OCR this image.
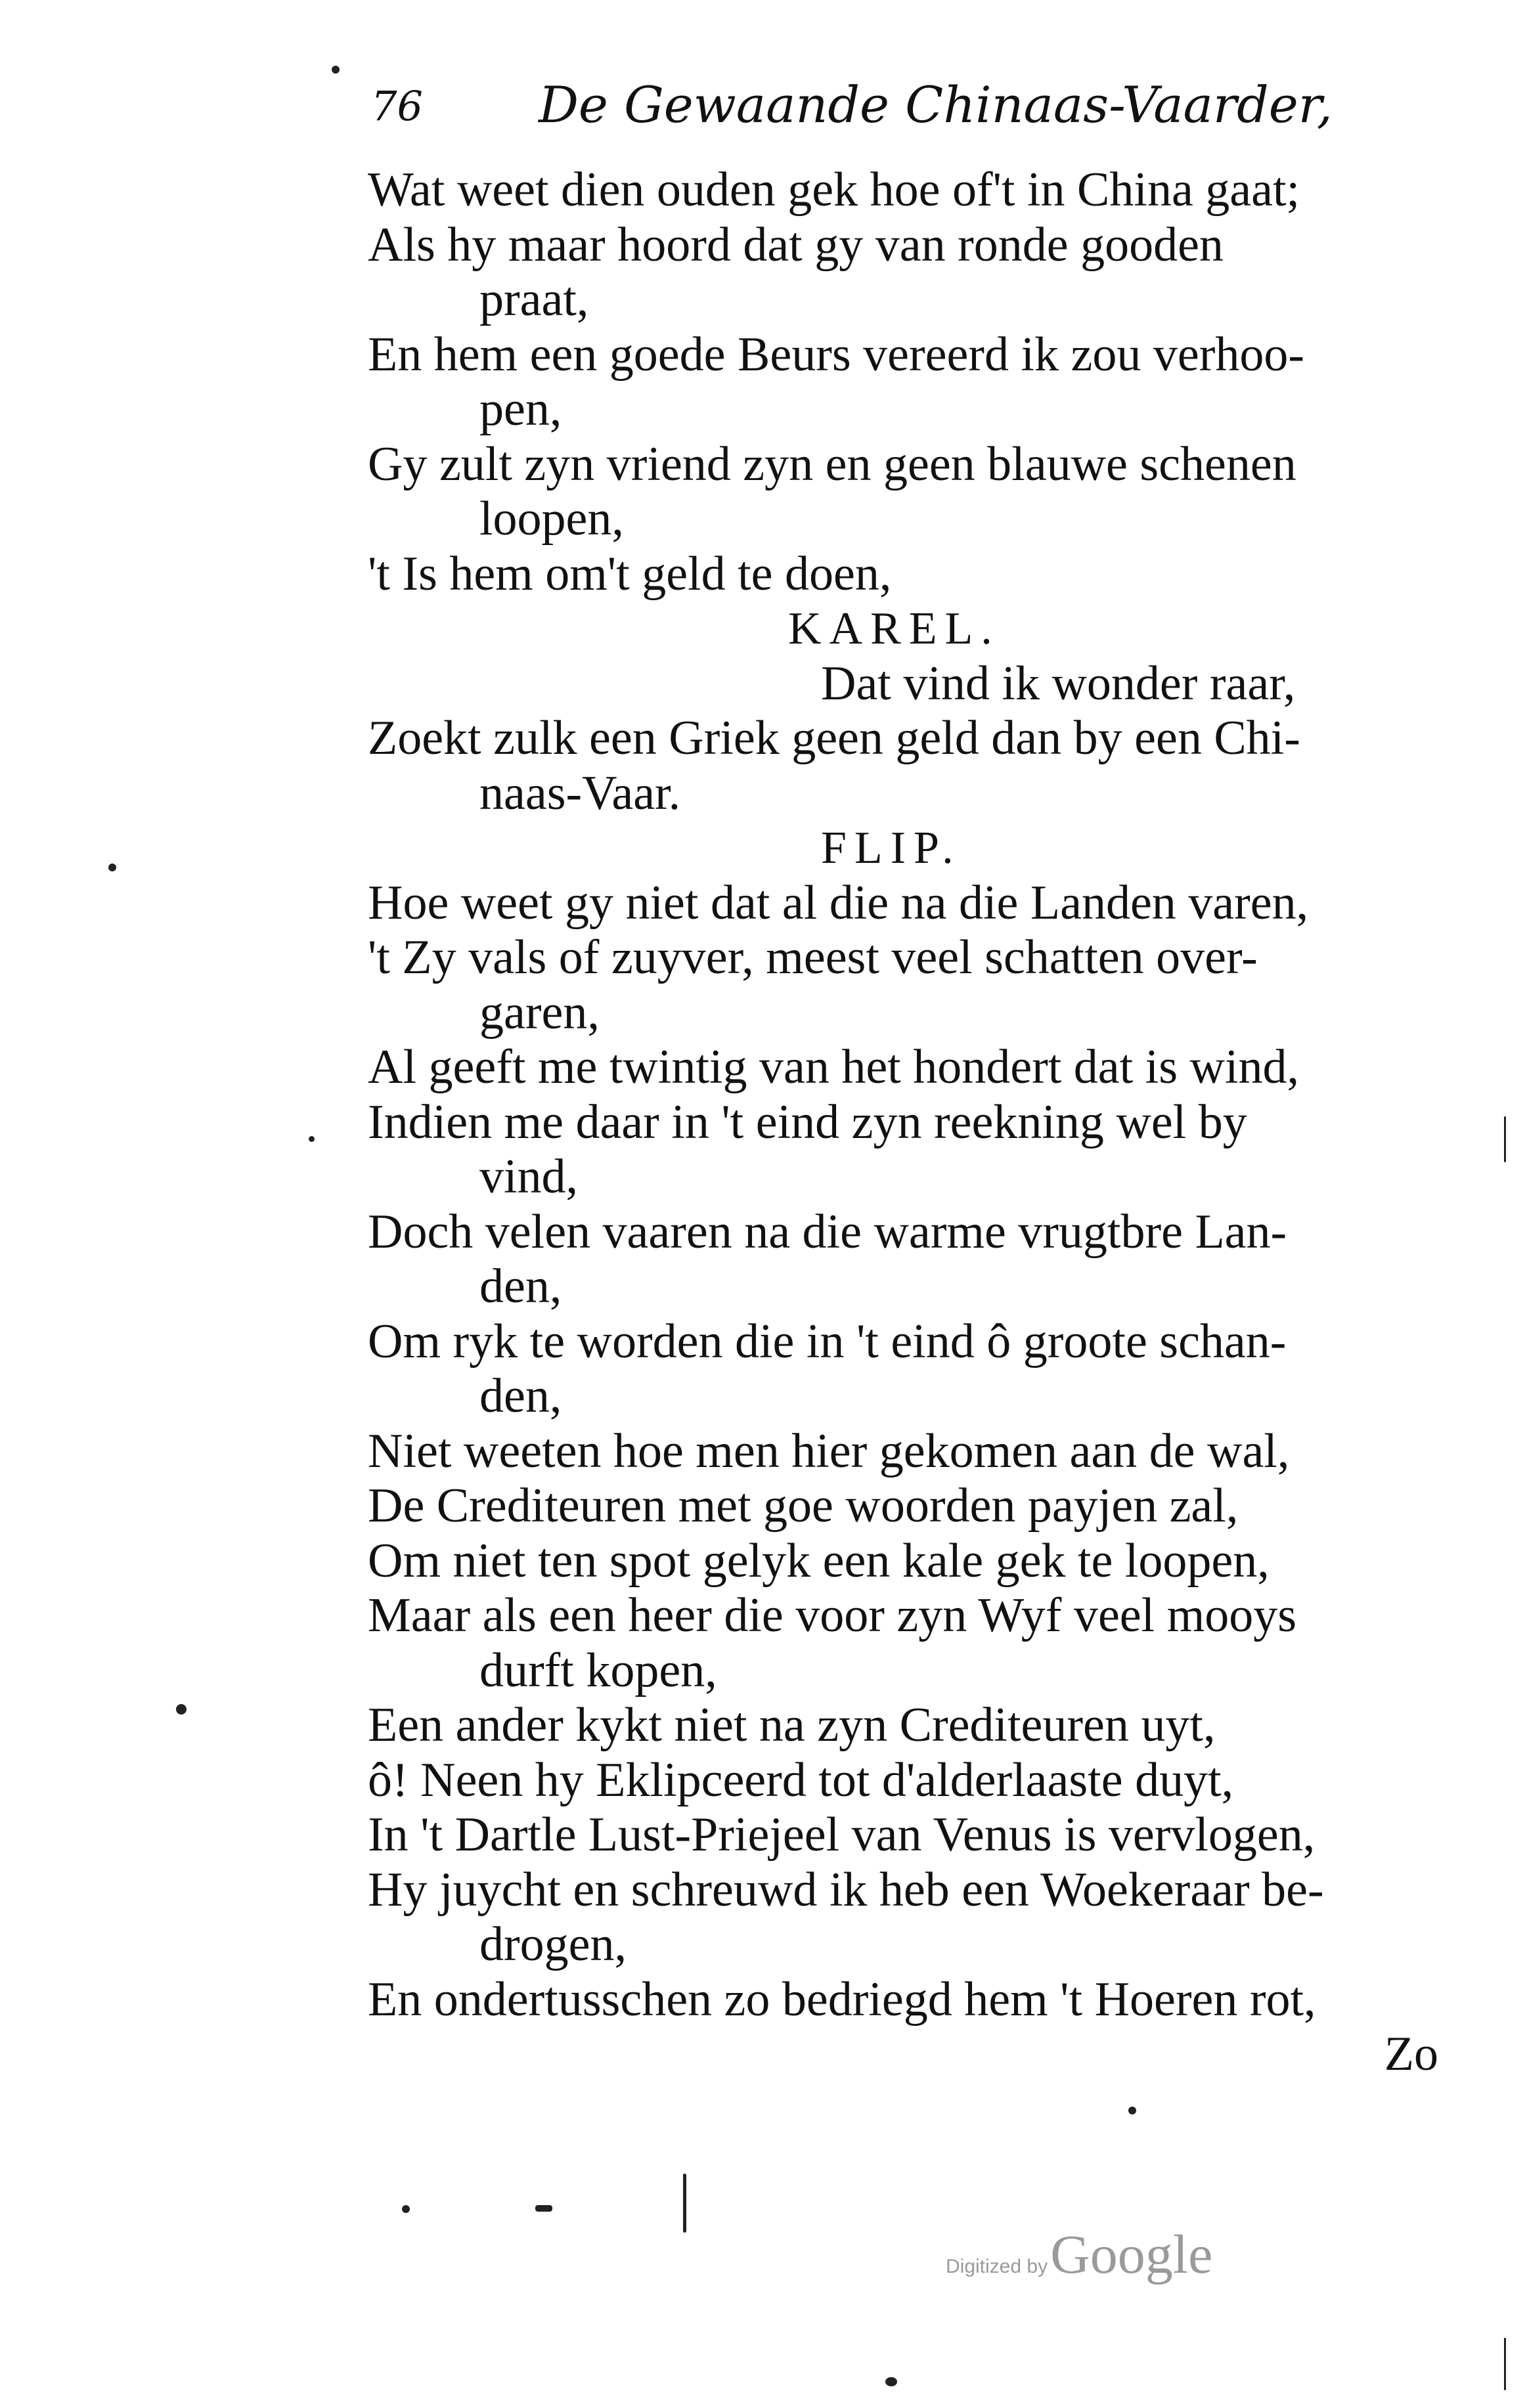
76 De Gewaande Chinaas-Vaarder,
Wat weet dien ouden gek hoe of't in China gaat;
Als hy maar hoord dat gy van ronde gooden
praat,
En hem een goede Beurs vereerd ik zou verhoo-
pen,
Gy zult zyn vriend zyn en geen blauwe schenen
loopen,
't Is hem om't geld te doen,
KAREL.
Dat vind ik wonder raar,
Zoekt zulk een Griek geen geld dan by een Chi-
naas-Vaar.
FLIP.
Hoe weet gy niet dat al die na die Landen varen,
't Zy vals of zuyver, meest veel schatten over-
garen,
Al geeft me twintig van het hondert dat is wind,
Indien me daar in 't eind zyn reekning wel by
vind,
Doch velen vaaren na die warme vrugtbre Lan-
den,
Om ryk te worden die in 't eind ô groote schan-
den,
Niet weeten hoe men hier gekomen aan de wal,
De Crediteuren met goe woorden payjen zal,
Om niet ten spot gelyk een kale gek te loopen,
Maar als een heer die voor zyn Wyf veel mooys
durft kopen,
Een ander kykt niet na zyn Crediteuren uyt,
ô! Neen hy Eklipceerd tot d'alderlaaste duyt,
In 't Dartle Lust-Priejeel van Venus is vervlogen,
Hy juycht en schreuwd ik heb een Woekeraar be-
drogen,
En ondertusschen zo bedriegd hem 't Hoeren rot,
Zo
Digitized by Google
